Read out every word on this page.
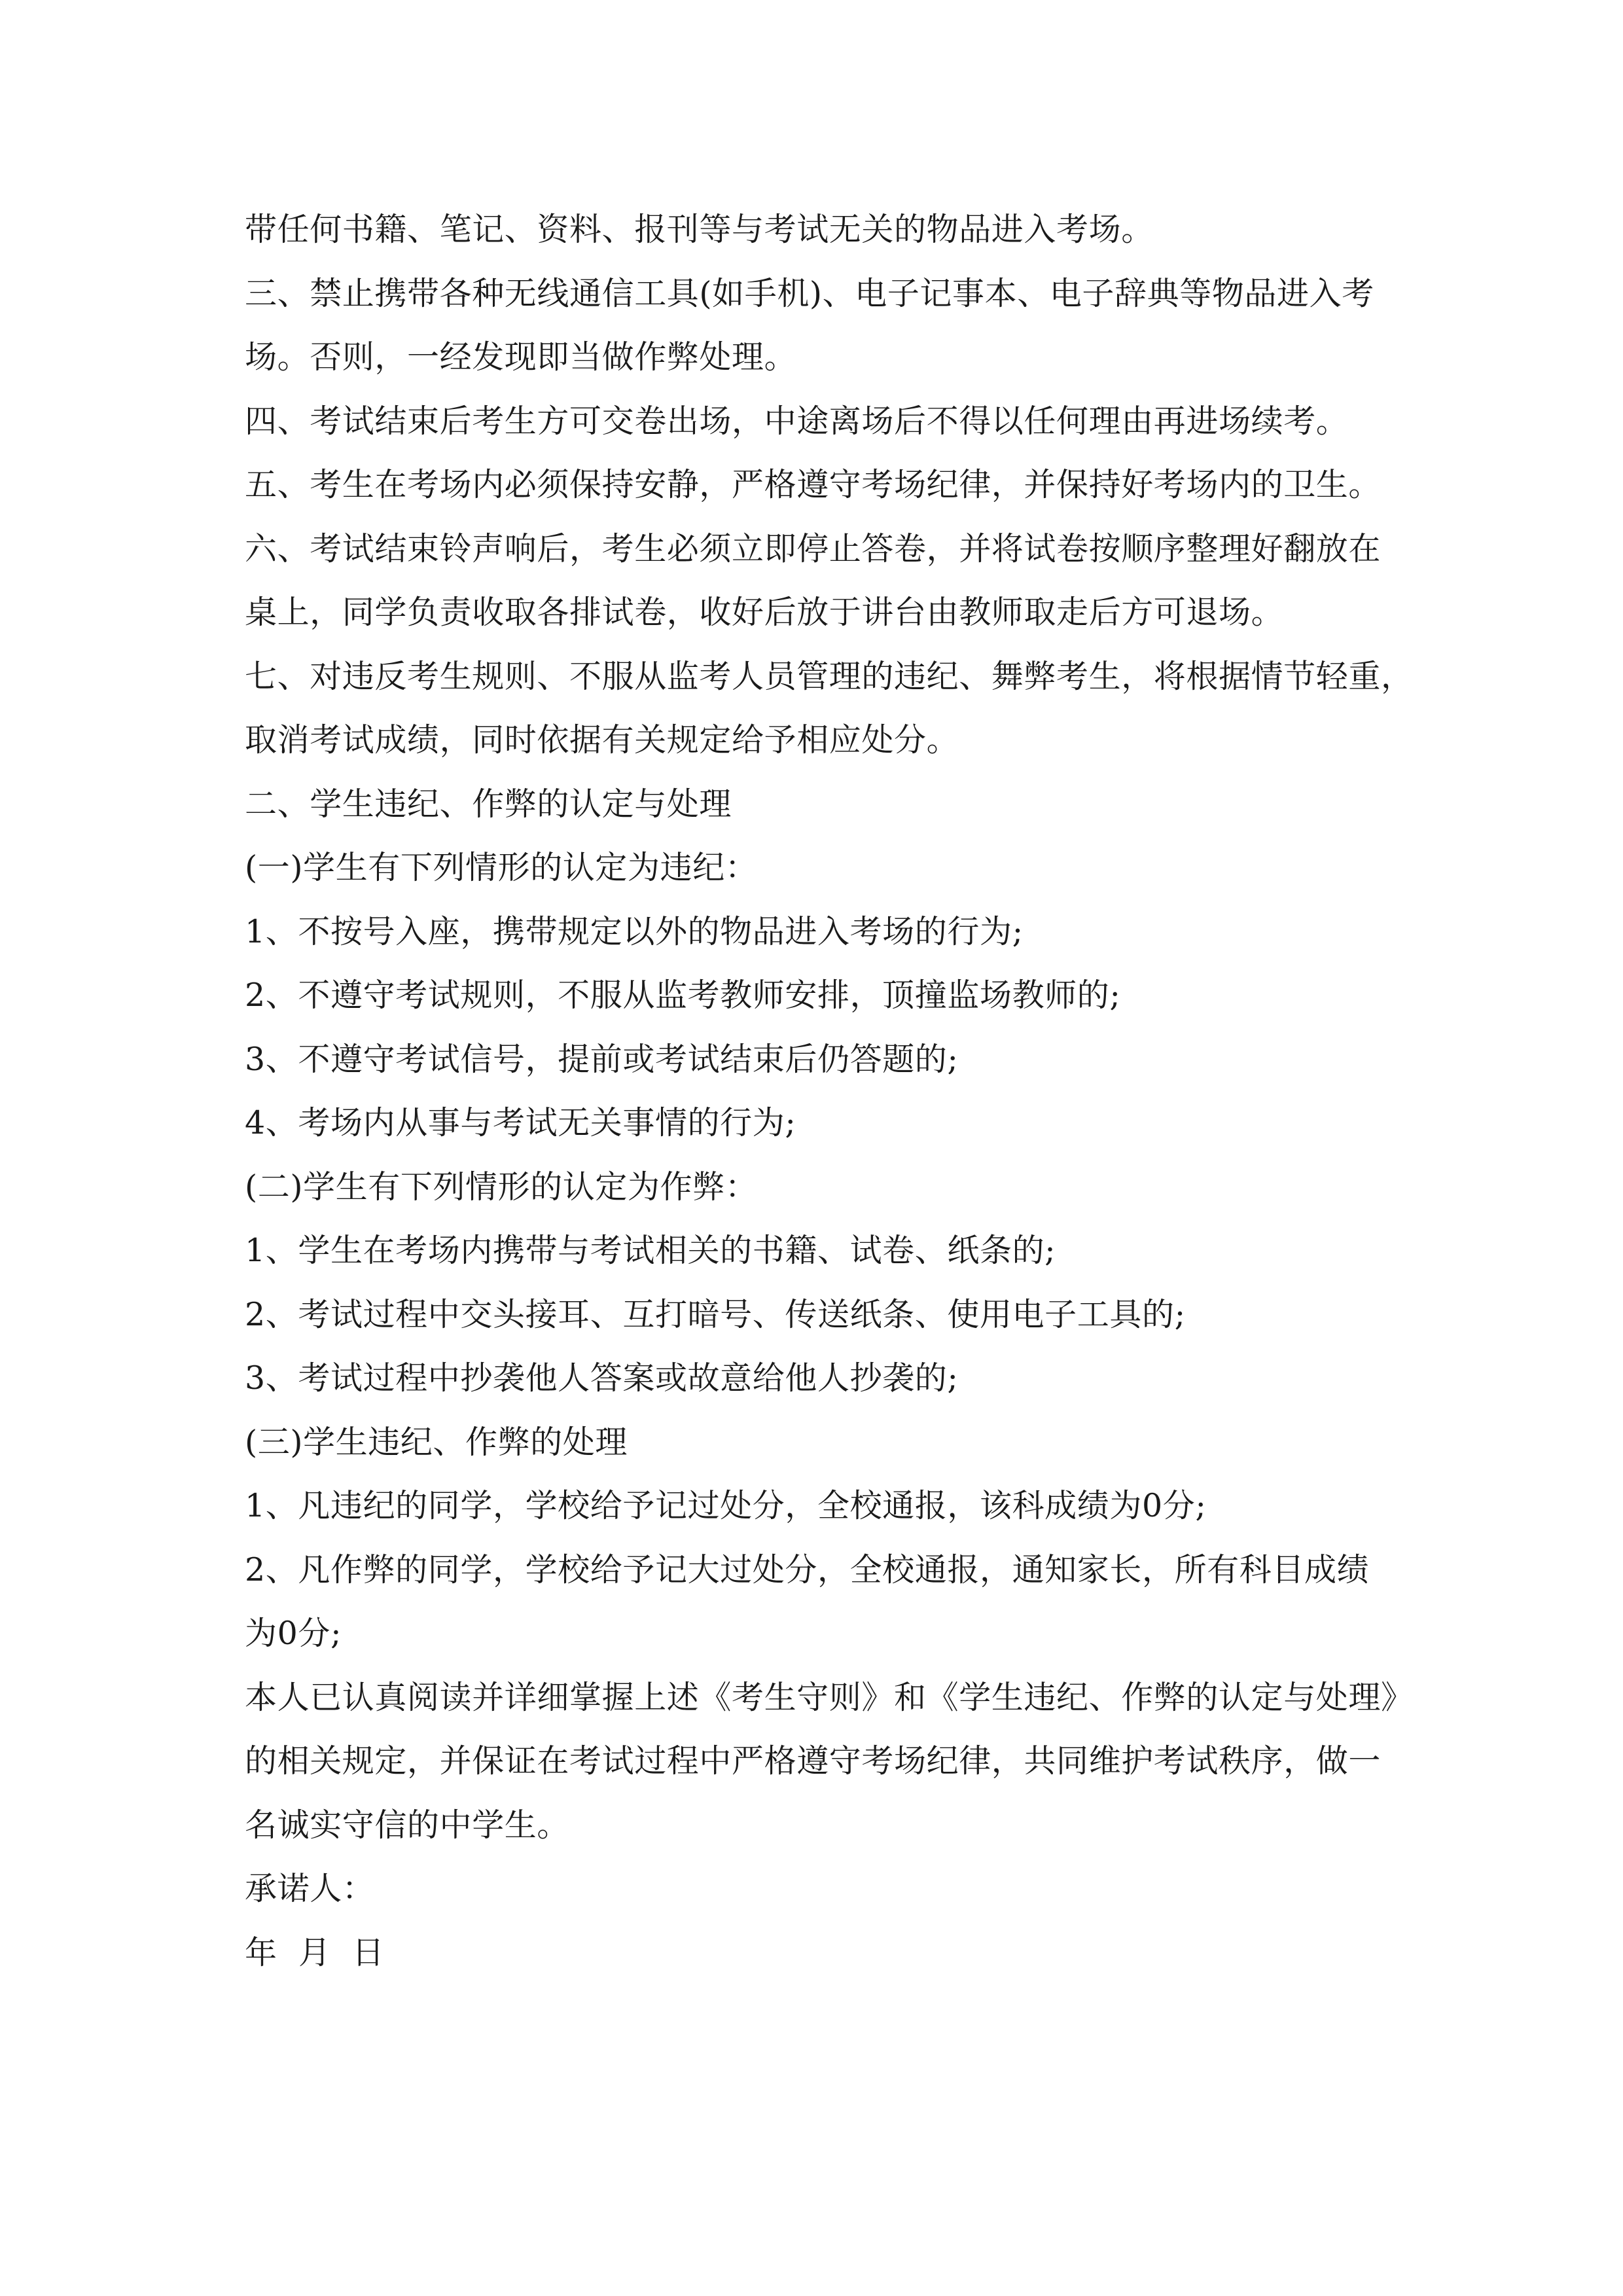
带任何书籍、笔记、资料、报刊等与考试无关的物品进入考场。

三、禁止携带各种无线通信工具(如手机)、电子记事本、电子辞典等物品进入考

场。否则，一经发现即当做作弊处理。

四、考试结束后考生方可交卷出场，中途离场后不得以任何理由再进场续考。

五、考生在考场内必须保持安静，严格遵守考场纪律，并保持好考场内的卫生。

六、考试结束铃声响后，考生必须立即停止答卷，并将试卷按顺序整理好翻放在

桌上，同学负责收取各排试卷，收好后放于讲台由教师取走后方可退场。

七、对违反考生规则、不服从监考人员管理的违纪、舞弊考生，将根据情节轻重，

取消考试成绩，同时依据有关规定给予相应处分。

二、学生违纪、作弊的认定与处理

(一)学生有下列情形的认定为违纪：

1、不按号入座，携带规定以外的物品进入考场的行为;

2、不遵守考试规则，不服从监考教师安排，顶撞监场教师的;

3、不遵守考试信号，提前或考试结束后仍答题的;

4、考场内从事与考试无关事情的行为;

(二)学生有下列情形的认定为作弊：

1、学生在考场内携带与考试相关的书籍、试卷、纸条的;

2、考试过程中交头接耳、互打暗号、传送纸条、使用电子工具的;

3、考试过程中抄袭他人答案或故意给他人抄袭的;

(三)学生违纪、作弊的处理

1、凡违纪的同学，学校给予记过处分，全校通报，该科成绩为0分;

2、凡作弊的同学，学校给予记大过处分，全校通报，通知家长，所有科目成绩

为0分;

本人已认真阅读并详细掌握上述《考生守则》和《学生违纪、作弊的认定与处理》

的相关规定，并保证在考试过程中严格遵守考场纪律，共同维护考试秩序，做一

名诚实守信的中学生。

承诺人：

年  月  日
